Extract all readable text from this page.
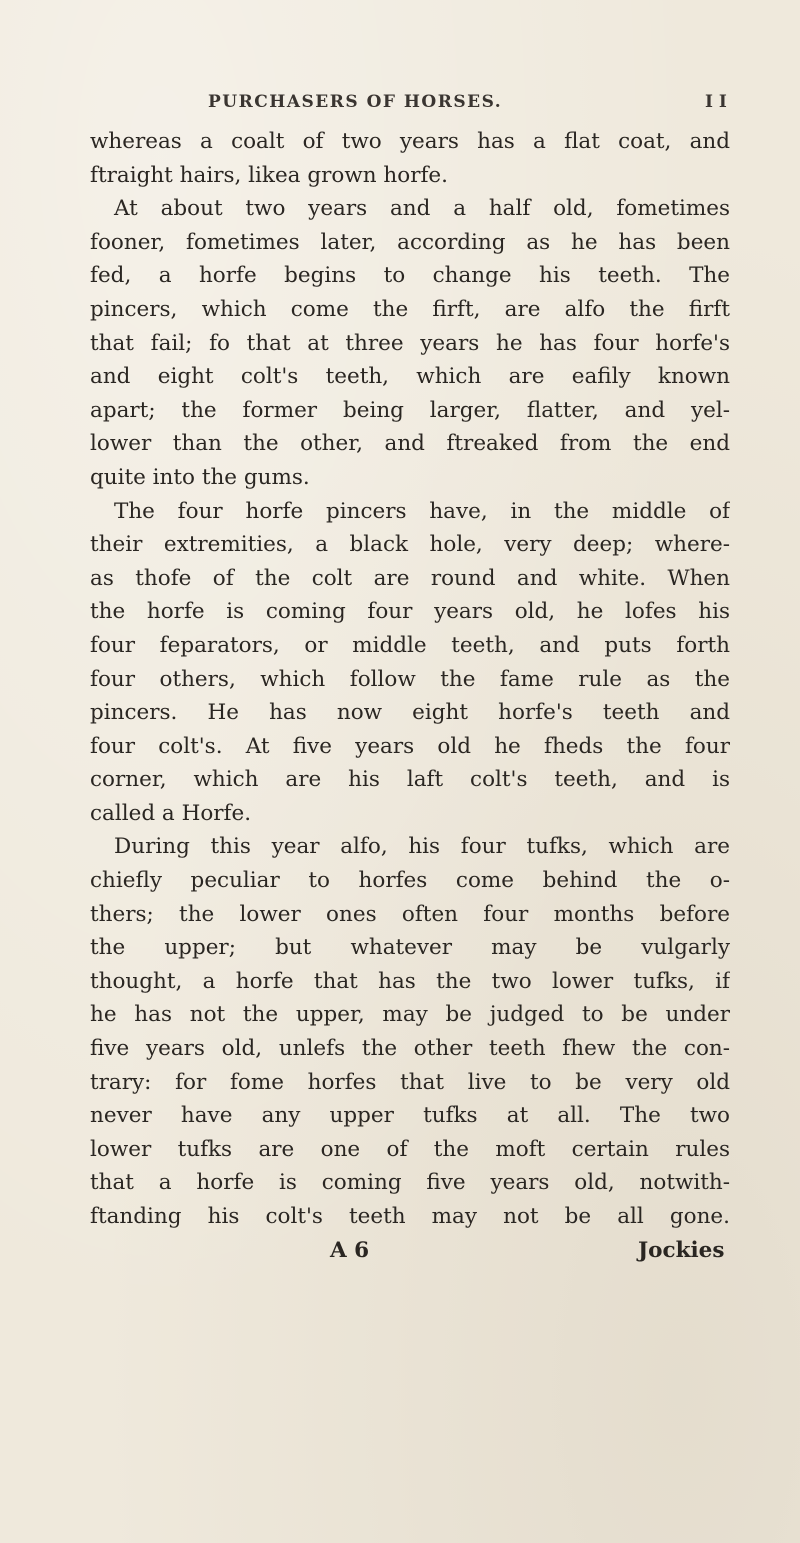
PURCHASERS OF HORSES.	I I
whereas a coalt of two years has a flat coat, and
ftraight hairs, likea grown horfe.
At about two years and a half old, fometimes
fooner, fometimes later, according as he has been
fed, a horfe begins to change his teeth. The
pincers, which come the firft, are alfo the firft
that fail; fo that at three years he has four horfe's
and eight colt's teeth, which are eafily known
apart; the former being larger, flatter, and yel-
lower than the other, and ftreaked from the end
quite into the gums.
The four horfe pincers have, in the middle of
their extremities, a black hole, very deep; where-
as thofe of the colt are round and white. When
the horfe is coming four years old, he lofes his
four feparators, or middle teeth, and puts forth
four others, which follow the fame rule as the
pincers. He has now eight horfe's teeth and
four colt's. At five years old he fheds the four
corner, which are his laft colt's teeth, and is
called a Horfe.
During this year alfo, his four tufks, which are
chiefly peculiar to horfes come behind the o-
thers; the lower ones often four months before
the upper; but whatever may be vulgarly
thought, a horfe that has the two lower tufks, if
he has not the upper, may be judged to be under
five years old, unlefs the other teeth fhew the con-
trary: for fome horfes that live to be very old
never have any upper tufks at all. The two
lower tufks are one of the moft certain rules
that a horfe is coming five years old, notwith-
ftanding his colt's teeth may not be all gone.
A 6	Jockies
